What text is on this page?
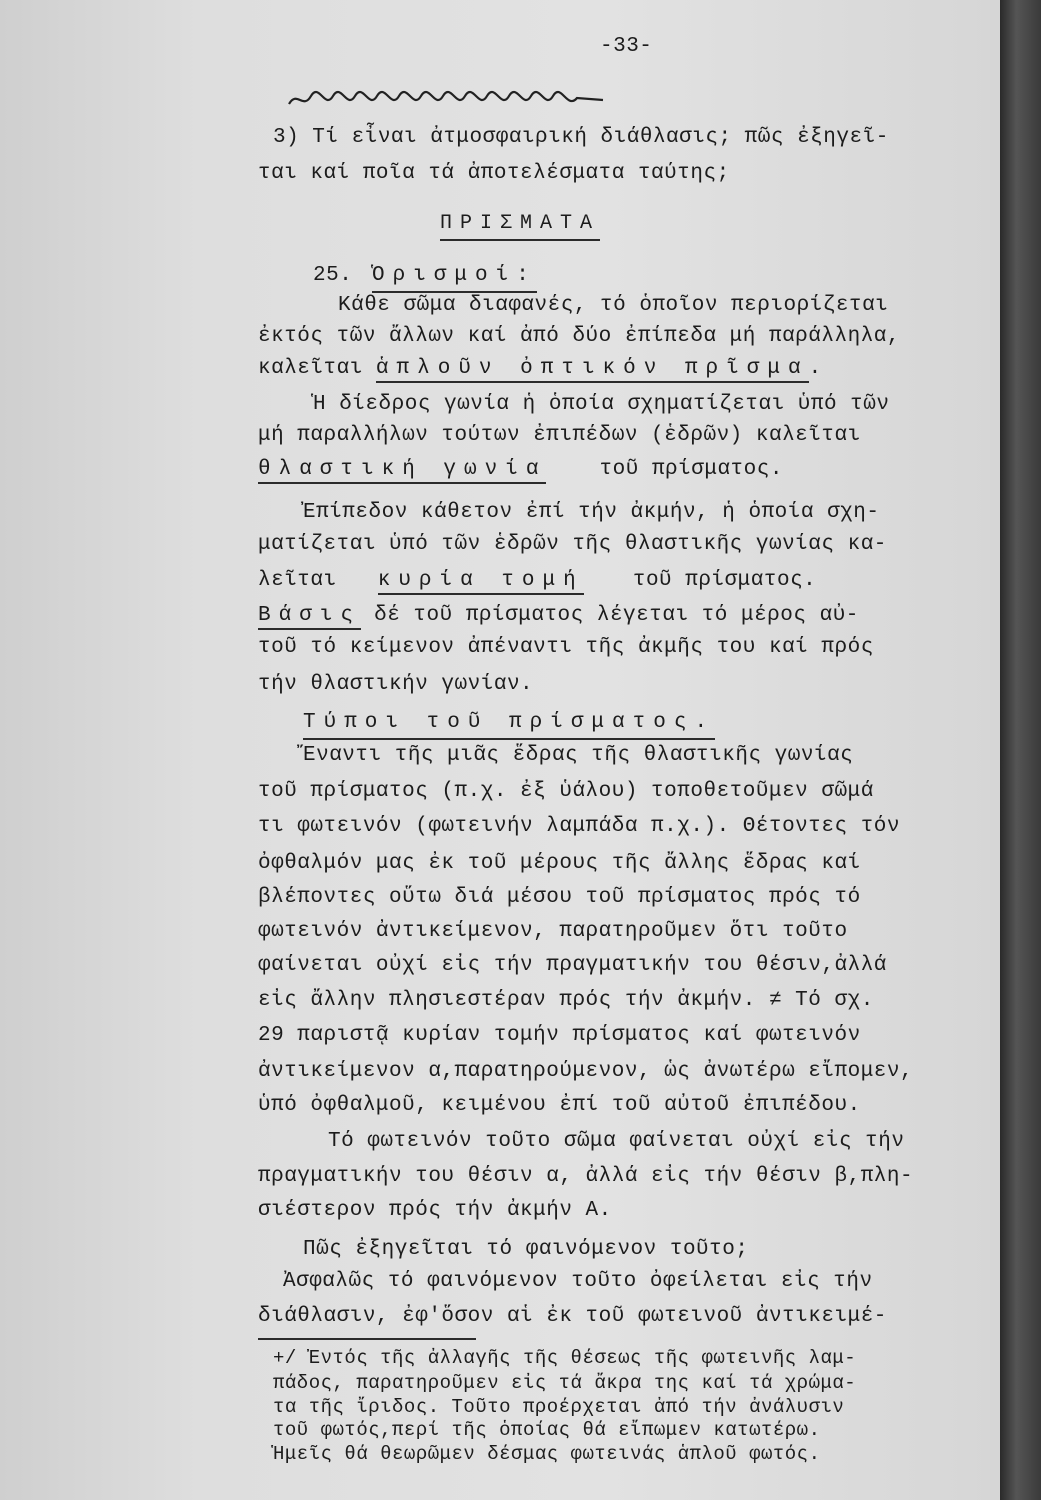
-33-
3) Τί εἶναι ἀτμοσφαιρική διάθλασις; πῶς ἐξηγεῖ-
ται καί ποῖα τά ἀποτελέσματα ταύτης;
ΠΡΙΣΜΑΤΑ
25. Ὁρισμοί:
Κάθε σῶμα διαφανές, τό ὁποῖον περιορίζεται
ἐκτός τῶν ἄλλων καί ἀπό δύο ἐπίπεδα μή παράλληλα,
καλεῖται ἁπλοῦν ὀπτικόν πρῖσμα.
Ἡ δίεδρος γωνία ἡ ὁποία σχηματίζεται ὑπό τῶν
μή παραλλήλων τούτων ἐπιπέδων (ἑδρῶν) καλεῖται
θλαστική γωνία τοῦ πρίσματος.
Ἐπίπεδον κάθετον ἐπί τήν ἀκμήν, ἡ ὁποία σχη-
ματίζεται ὑπό τῶν ἑδρῶν τῆς θλαστικῆς γωνίας κα-
λεῖται κυρία τομή τοῦ πρίσματος.
Βάσις δέ τοῦ πρίσματος λέγεται τό μέρος αὐ-
τοῦ τό κείμενον ἀπέναντι τῆς ἀκμῆς του καί πρός
τήν θλαστικήν γωνίαν.
Τύποι τοῦ πρίσματος.
Ἔναντι τῆς μιᾶς ἕδρας τῆς θλαστικῆς γωνίας
τοῦ πρίσματος (π.χ. ἐξ ὑάλου) τοποθετοῦμεν σῶμά
τι φωτεινόν (φωτεινήν λαμπάδα π.χ.). Θέτοντες τόν
ὀφθαλμόν μας ἐκ τοῦ μέρους τῆς ἄλλης ἕδρας καί
βλέποντες οὕτω διά μέσου τοῦ πρίσματος πρός τό
φωτεινόν ἀντικείμενον, παρατηροῦμεν ὅτι τοῦτο
φαίνεται οὐχί εἰς τήν πραγματικήν του θέσιν,ἀλλά
εἰς ἄλλην πλησιεστέραν πρός τήν ἀκμήν. ≠ Τό σχ.
29 παριστᾷ κυρίαν τομήν πρίσματος καί φωτεινόν
ἀντικείμενον α,παρατηρούμενον, ὡς ἀνωτέρω εἴπομεν,
ὑπό ὀφθαλμοῦ, κειμένου ἐπί τοῦ αὐτοῦ ἐπιπέδου.
Τό φωτεινόν τοῦτο σῶμα φαίνεται οὐχί εἰς τήν
πραγματικήν του θέσιν α, ἀλλά εἰς τήν θέσιν β,πλη-
σιέστερον πρός τήν ἀκμήν Α.
Πῶς ἐξηγεῖται τό φαινόμενον τοῦτο;
Ἀσφαλῶς τό φαινόμενον τοῦτο ὀφείλεται εἰς τήν
διάθλασιν, ἐφ'ὅσον αἱ ἐκ τοῦ φωτεινοῦ ἀντικειμέ-
+/ Ἐντός τῆς ἀλλαγῆς τῆς θέσεως τῆς φωτεινῆς λαμ-
πάδος, παρατηροῦμεν εἰς τά ἄκρα της καί τά χρώμα-
τα τῆς ἴριδος. Τοῦτο προέρχεται ἀπό τήν ἀνάλυσιν
τοῦ φωτός,περί τῆς ὁποίας θά εἴπωμεν κατωτέρω.
Ἡμεῖς θά θεωρῶμεν δέσμας φωτεινάς ἁπλοῦ φωτός.
